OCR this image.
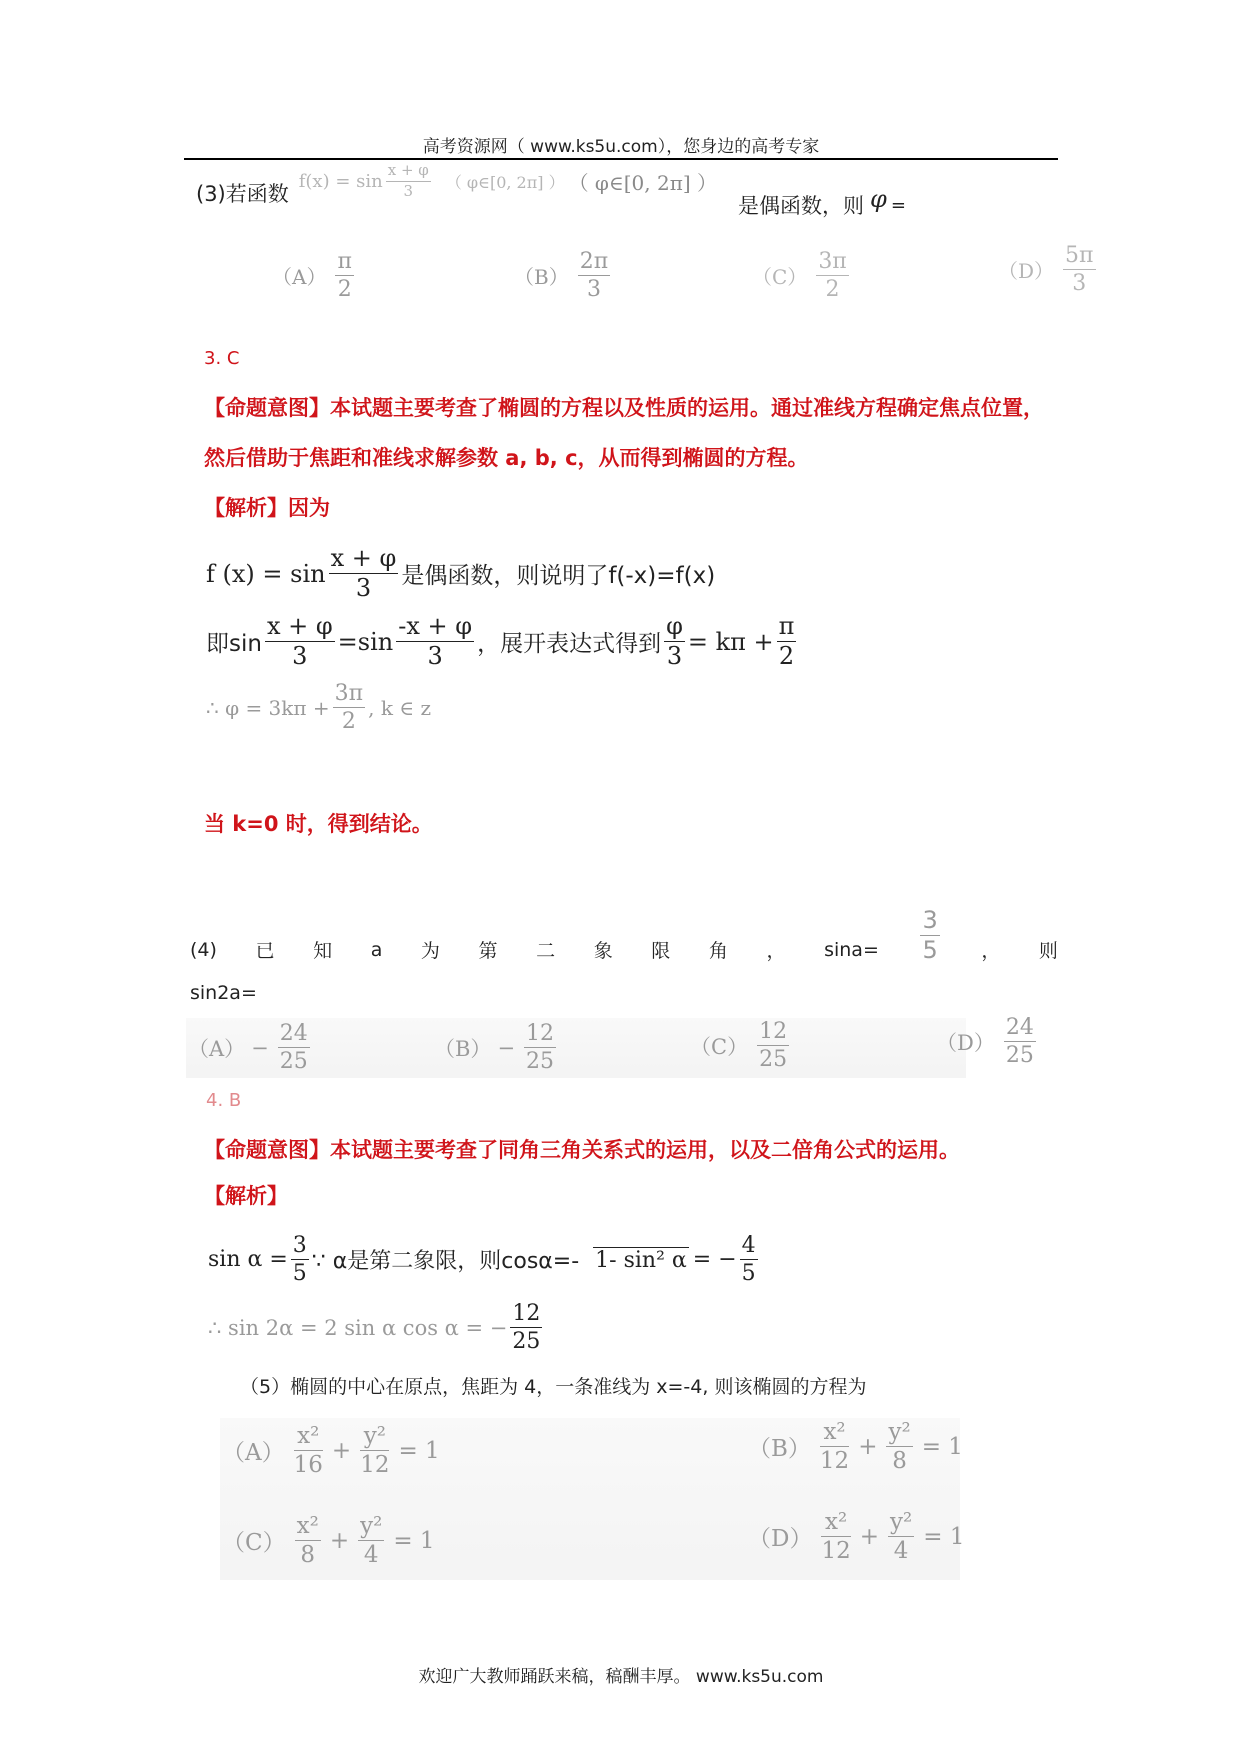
高考资源网（ www.ks5u.com），您身边的高考专家
(3)若函数
$f(x) = \sin \frac{x + \varphi}{3}$ （ φ∈[0, 2π] ） （ φ∈[0, 2π] ）
是偶函数，则 φ =
$(A) \frac{\pi}{2}$	$(B) \frac{2\pi}{3}$	$(C) \frac{3\pi}{2}$	$(D) \frac{5\pi}{3}$
3. C
【命题意图】本试题主要考查了椭圆的方程以及性质的运用。通过准线方程确定焦点位置，
然后借助于焦距和准线求解参数 a, b, c，从而得到椭圆的方程。
【解析】因为
f $(x) = \sin \frac{x + \varphi}{3}$ 是偶函数，则说明了f(-x)=f(x)
即$\sin \frac{x + \varphi}{3} =\sin \frac{-x + \varphi}{3}$ ，展开表达式得到 $\frac{\varphi}{3} = k\pi + \frac{\pi}{2}$
∴ $\varphi = 3k\pi + \frac{3\pi}{2}$ , k ∈ z
当 k=0 时，得到结论。
(4) 已 知 a 为 第 二 象 限 角 ， $\sin a= \frac{3}{5}$ ， 则
sin2a=
$(A) - \frac{24}{25}$	$(B) - \frac{12}{25}$	$(C) \frac{12}{25}$	$(D) \frac{24}{25}$
4. B
【命题意图】本试题主要考查了同角三角关系式的运用，以及二倍角公式的运用。
【解析】
$\sin \alpha = \frac{3}{5}$ ∵ α是第二象限，则cosα=- 1- sin² α = − $\frac{4}{5}$
∴ sin 2α = 2 sin α cos α = − $\frac{12}{25}$
（5）椭圆的中心在原点，焦距为 4，一条准线为 x=-4, 则该椭圆的方程为
$(A) \frac{\text{x²}}{16} + \frac{\text{y²}}{12} = 1$	$(B) \frac{\text{x²}}{12} + \frac{\text{y²}}{8} = 1$
$(C) \frac{\text{x²}}{8} + \frac{\text{y²}}{4} = 1$	$(D) \frac{\text{x²}}{12} + \frac{\text{y²}}{4} = 1$
欢迎广大教师踊跃来稿，稿酬丰厚。 www.ks5u.com
